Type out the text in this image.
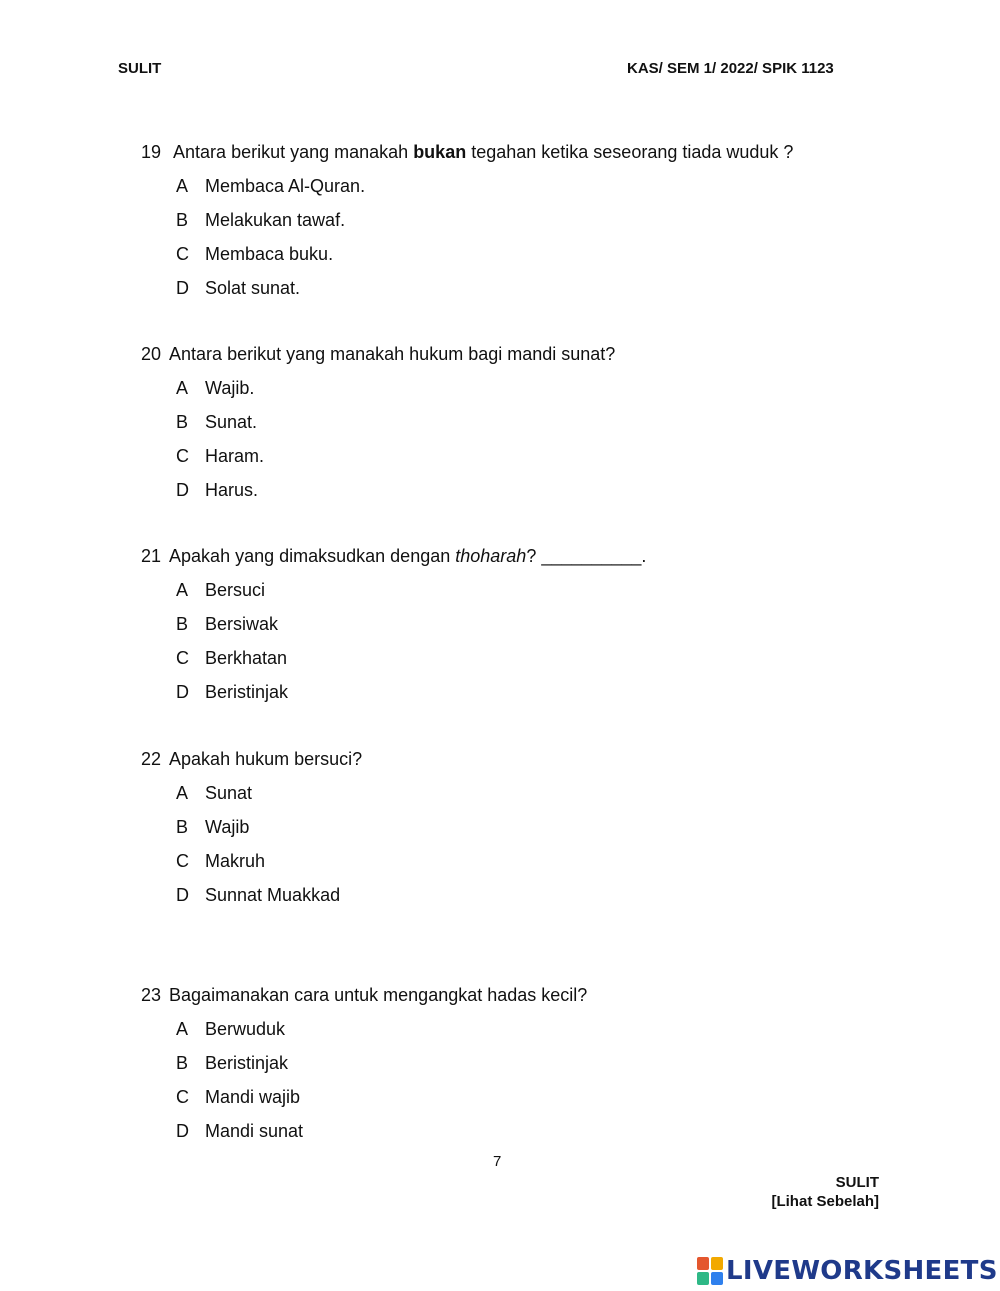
SULIT	KAS/ SEM 1/ 2022/ SPIK 1123
19 Antara berikut yang manakah bukan tegahan ketika seseorang tiada wuduk ?
A Membaca Al-Quran.
B Melakukan tawaf.
C Membaca buku.
D Solat sunat.
20 Antara berikut yang manakah hukum bagi mandi sunat?
A Wajib.
B Sunat.
C Haram.
D Harus.
21 Apakah yang dimaksudkan dengan thoharah? __________.
A Bersuci
B Bersiwak
C Berkhatan
D Beristinjak
22 Apakah hukum bersuci?
A Sunat
B Wajib
C Makruh
D Sunnat Muakkad
23 Bagaimanakan cara untuk mengangkat hadas kecil?
A Berwuduk
B Beristinjak
C Mandi wajib
D Mandi sunat
7
SULIT
[Lihat Sebelah]
LIVEWORKSHEETS
